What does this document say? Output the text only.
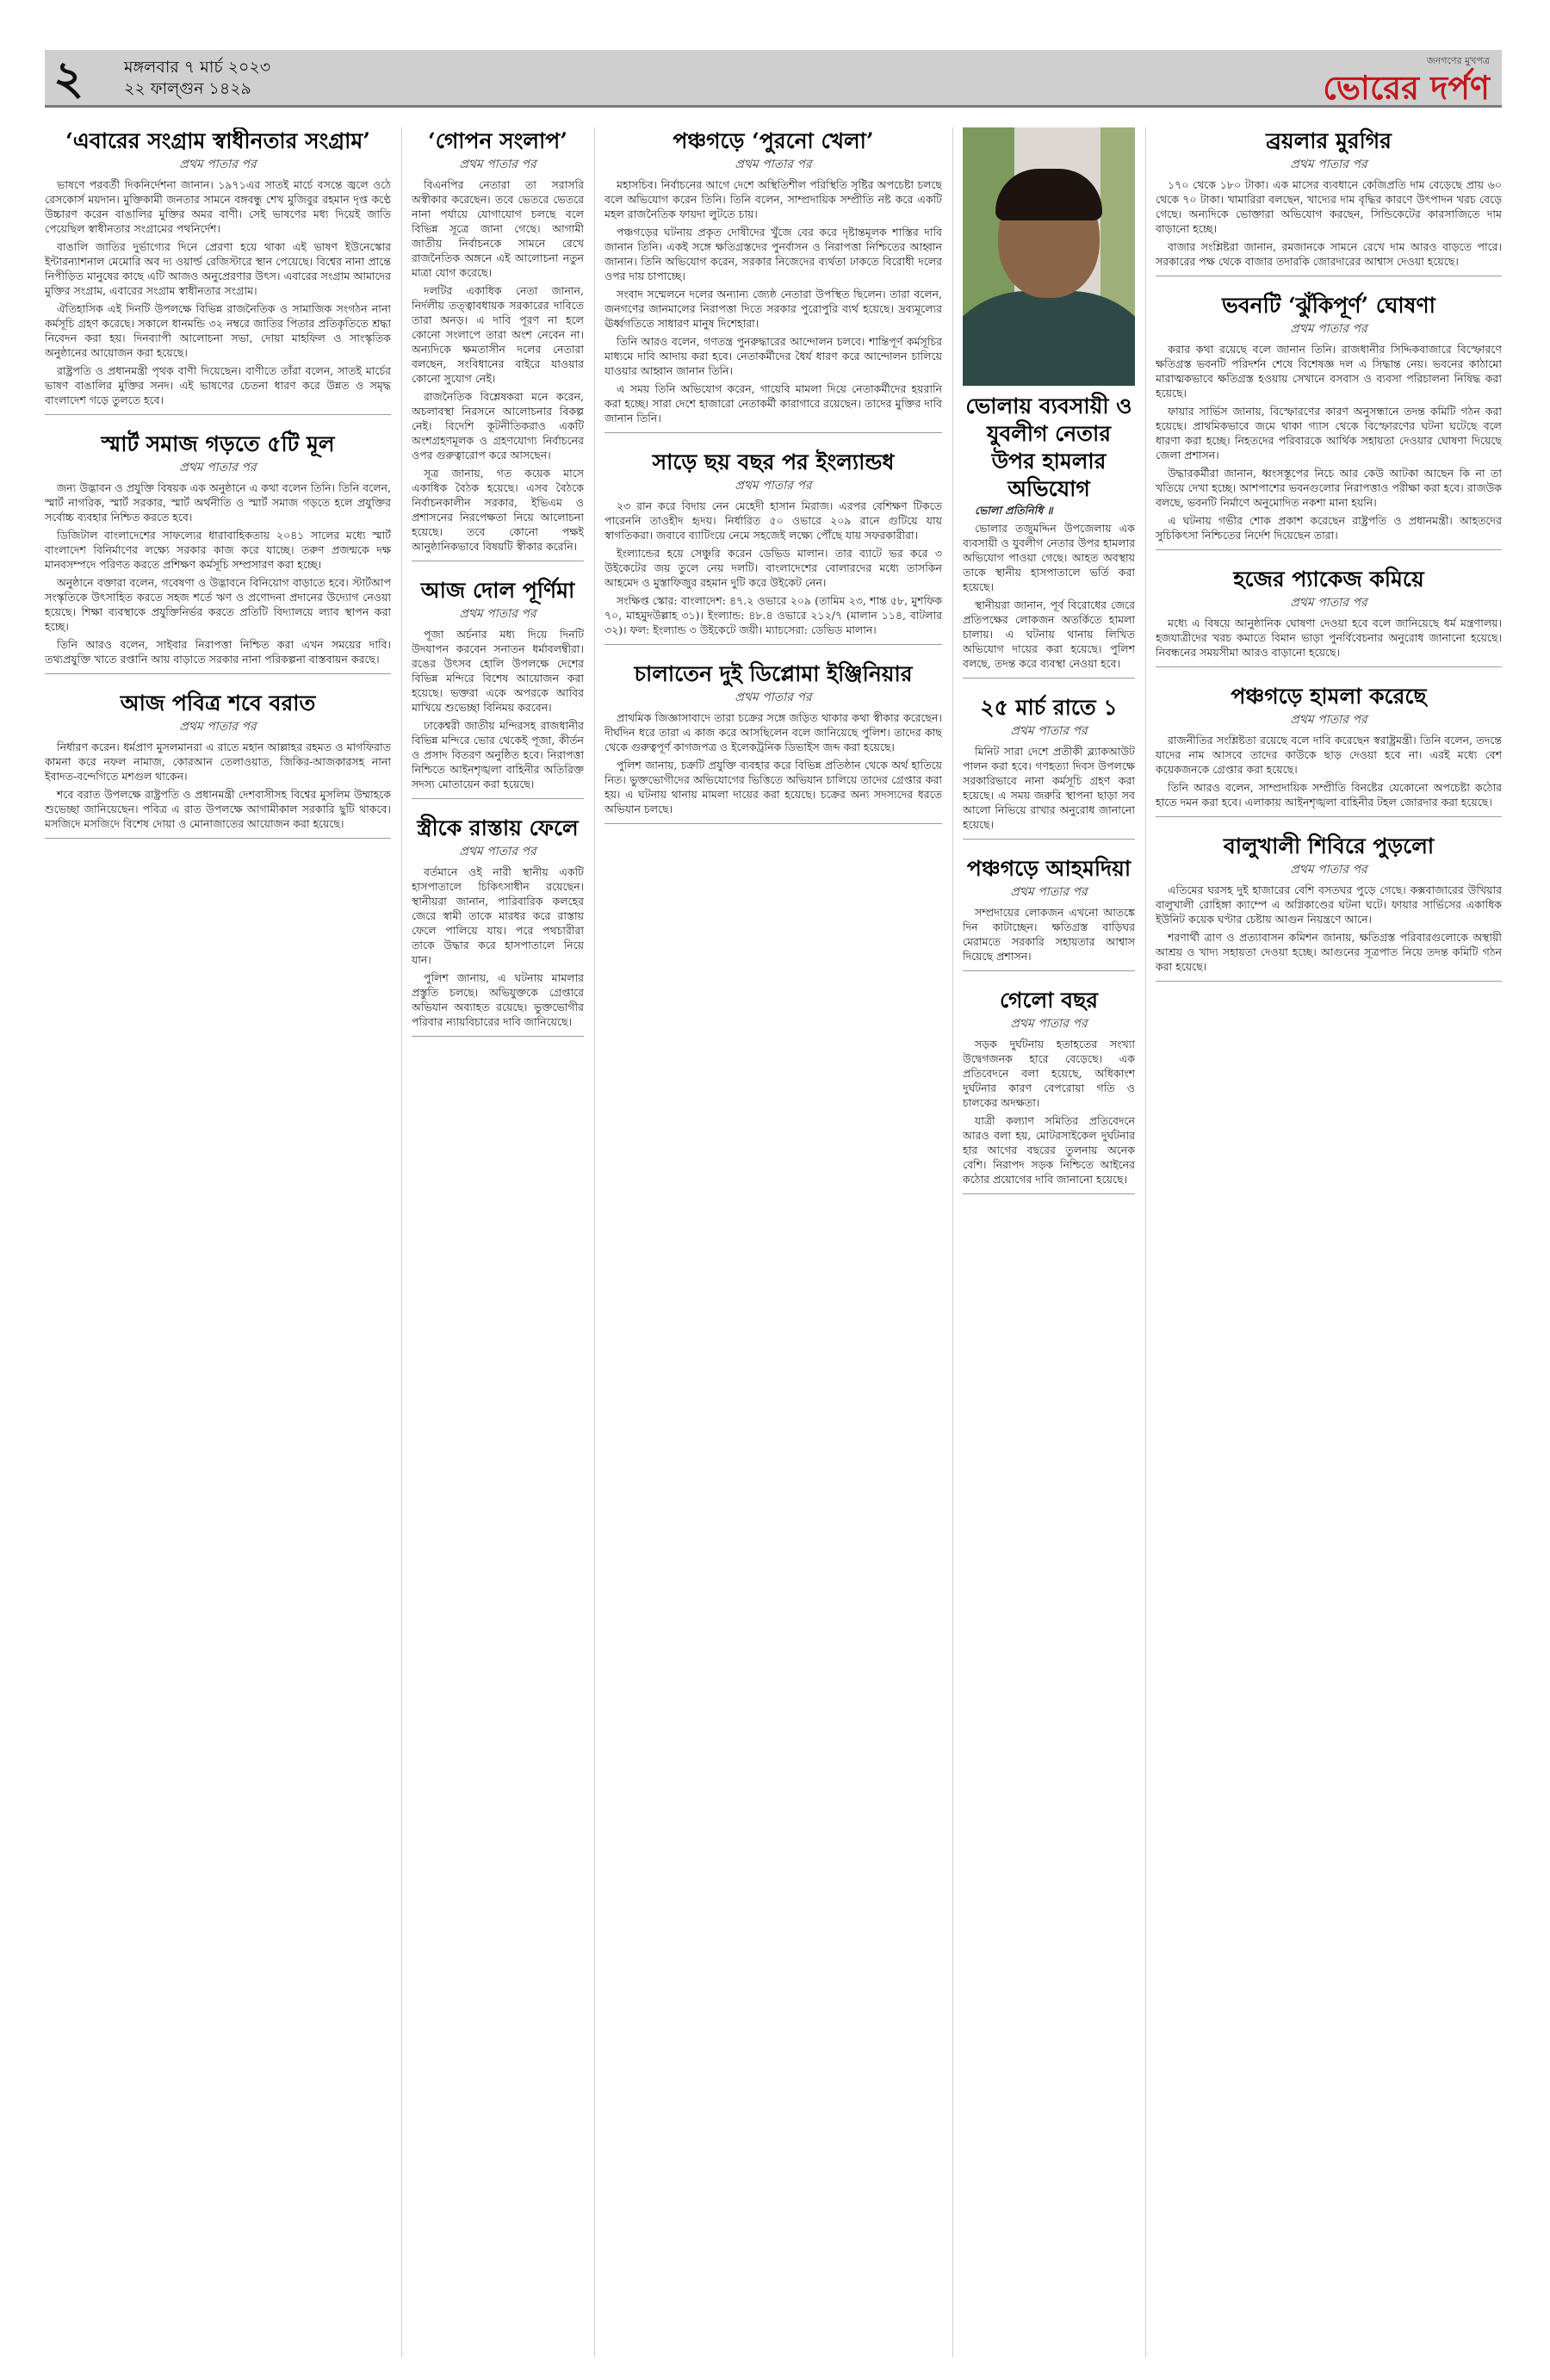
২ মঙ্গলবার ৭ মার্চ ২০২৩
২২ ফাল্গুন ১৪২৯
জনগণের মুখপত্র
ভোরের দর্পণ
‘এবারের সংগ্রাম স্বাধীনতার সংগ্রাম’
প্রথম পাতার পর

ভাষণে পরবর্তী দিকনির্দেশনা জানান। ১৯৭১এর সাতই মার্চে বসন্তে জ্বলে ওঠে রেসকোর্স ময়দান। মুক্তিকামী জনতার সামনে বঙ্গবন্ধু শেখ মুজিবুর রহমান দৃপ্ত কণ্ঠে উচ্চারণ করেন বাঙালির মুক্তির অমর বাণী। সেই ভাষণের মধ্য দিয়েই জাতি পেয়েছিল স্বাধীনতার সংগ্রামের পথনির্দেশ।

বাঙালি জাতির দুর্ভাগ্যের দিনে প্রেরণা হয়ে থাকা এই ভাষণ ইউনেস্কোর ইন্টারন্যাশনাল মেমোরি অব দ্য ওয়ার্ল্ড রেজিস্টারে স্থান পেয়েছে। বিশ্বের নানা প্রান্তে নিপীড়িত মানুষের কাছে এটি আজও অনুপ্রেরণার উৎস। এবারের সংগ্রাম আমাদের মুক্তির সংগ্রাম, এবারের সংগ্রাম স্বাধীনতার সংগ্রাম।

ঐতিহাসিক এই দিনটি উপলক্ষে বিভিন্ন রাজনৈতিক ও সামাজিক সংগঠন নানা কর্মসূচি গ্রহণ করেছে। সকালে ধানমন্ডি ৩২ নম্বরে জাতির পিতার প্রতিকৃতিতে শ্রদ্ধা নিবেদন করা হয়। দিনব্যাপী আলোচনা সভা, দোয়া মাহফিল ও সাংস্কৃতিক অনুষ্ঠানের আয়োজন করা হয়েছে।

রাষ্ট্রপতি ও প্রধানমন্ত্রী পৃথক বাণী দিয়েছেন। বাণীতে তাঁরা বলেন, সাতই মার্চের ভাষণ বাঙালির মুক্তির সনদ। এই ভাষণের চেতনা ধারণ করে উন্নত ও সমৃদ্ধ বাংলাদেশ গড়ে তুলতে হবে।

স্মার্ট সমাজ গড়তে ৫টি মূল
প্রথম পাতার পর

জন্য উদ্ভাবন ও প্রযুক্তি বিষয়ক এক অনুষ্ঠানে এ কথা বলেন তিনি। তিনি বলেন, স্মার্ট নাগরিক, স্মার্ট সরকার, স্মার্ট অর্থনীতি ও স্মার্ট সমাজ গড়তে হলে প্রযুক্তির সর্বোচ্চ ব্যবহার নিশ্চিত করতে হবে।

ডিজিটাল বাংলাদেশের সাফল্যের ধারাবাহিকতায় ২০৪১ সালের মধ্যে স্মার্ট বাংলাদেশ বিনির্মাণের লক্ষ্যে সরকার কাজ করে যাচ্ছে। তরুণ প্রজন্মকে দক্ষ মানবসম্পদে পরিণত করতে প্রশিক্ষণ কর্মসূচি সম্প্রসারণ করা হচ্ছে।

অনুষ্ঠানে বক্তারা বলেন, গবেষণা ও উদ্ভাবনে বিনিয়োগ বাড়াতে হবে। স্টার্টআপ সংস্কৃতিকে উৎসাহিত করতে সহজ শর্তে ঋণ ও প্রণোদনা প্রদানের উদ্যোগ নেওয়া হয়েছে। শিক্ষা ব্যবস্থাকে প্রযুক্তিনির্ভর করতে প্রতিটি বিদ্যালয়ে ল্যাব স্থাপন করা হচ্ছে।

তিনি আরও বলেন, সাইবার নিরাপত্তা নিশ্চিত করা এখন সময়ের দাবি। তথ্যপ্রযুক্তি খাতে রপ্তানি আয় বাড়াতে সরকার নানা পরিকল্পনা বাস্তবায়ন করছে।

আজ পবিত্র শবে বরাত
প্রথম পাতার পর

নির্ধারণ করেন। ধর্মপ্রাণ মুসলমানরা এ রাতে মহান আল্লাহর রহমত ও মাগফিরাত কামনা করে নফল নামাজ, কোরআন তেলাওয়াত, জিকির-আজকারসহ নানা ইবাদত-বন্দেগিতে মশগুল থাকেন।

শবে বরাত উপলক্ষে রাষ্ট্রপতি ও প্রধানমন্ত্রী দেশবাসীসহ বিশ্বের মুসলিম উম্মাহকে শুভেচ্ছা জানিয়েছেন। পবিত্র এ রাত উপলক্ষে আগামীকাল সরকারি ছুটি থাকবে। মসজিদে মসজিদে বিশেষ দোয়া ও মোনাজাতের আয়োজন করা হয়েছে।

‘গোপন সংলাপ’
প্রথম পাতার পর

বিএনপির নেতারা তা সরাসরি অস্বীকার করেছেন। তবে ভেতরে ভেতরে নানা পর্যায়ে যোগাযোগ চলছে বলে বিভিন্ন সূত্রে জানা গেছে। আগামী জাতীয় নির্বাচনকে সামনে রেখে রাজনৈতিক অঙ্গনে এই আলোচনা নতুন মাত্রা যোগ করেছে।

দলটির একাধিক নেতা জানান, নির্দলীয় তত্ত্বাবধায়ক সরকারের দাবিতে তারা অনড়। এ দাবি পূরণ না হলে কোনো সংলাপে তারা অংশ নেবেন না। অন্যদিকে ক্ষমতাসীন দলের নেতারা বলছেন, সংবিধানের বাইরে যাওয়ার কোনো সুযোগ নেই।

রাজনৈতিক বিশ্লেষকরা মনে করেন, অচলাবস্থা নিরসনে আলোচনার বিকল্প নেই। বিদেশি কূটনীতিকরাও একটি অংশগ্রহণমূলক ও গ্রহণযোগ্য নির্বাচনের ওপর গুরুত্বারোপ করে আসছেন।

সূত্র জানায়, গত কয়েক মাসে একাধিক বৈঠক হয়েছে। এসব বৈঠকে নির্বাচনকালীন সরকার, ইভিএম ও প্রশাসনের নিরপেক্ষতা নিয়ে আলোচনা হয়েছে। তবে কোনো পক্ষই আনুষ্ঠানিকভাবে বিষয়টি স্বীকার করেনি।

আজ দোল পূর্ণিমা
প্রথম পাতার পর

পূজা অর্চনার মধ্য দিয়ে দিনটি উদযাপন করবেন সনাতন ধর্মাবলম্বীরা। রঙের উৎসব হোলি উপলক্ষে দেশের বিভিন্ন মন্দিরে বিশেষ আয়োজন করা হয়েছে। ভক্তরা একে অপরকে আবির মাখিয়ে শুভেচ্ছা বিনিময় করবেন।

ঢাকেশ্বরী জাতীয় মন্দিরসহ রাজধানীর বিভিন্ন মন্দিরে ভোর থেকেই পূজা, কীর্তন ও প্রসাদ বিতরণ অনুষ্ঠিত হবে। নিরাপত্তা নিশ্চিতে আইনশৃঙ্খলা বাহিনীর অতিরিক্ত সদস্য মোতায়েন করা হয়েছে।

স্ত্রীকে রাস্তায় ফেলে
প্রথম পাতার পর

বর্তমানে ওই নারী স্থানীয় একটি হাসপাতালে চিকিৎসাধীন রয়েছেন। স্থানীয়রা জানান, পারিবারিক কলহের জেরে স্বামী তাকে মারধর করে রাস্তায় ফেলে পালিয়ে যায়। পরে পথচারীরা তাকে উদ্ধার করে হাসপাতালে নিয়ে যান।

পুলিশ জানায়, এ ঘটনায় মামলার প্রস্তুতি চলছে। অভিযুক্তকে গ্রেপ্তারে অভিযান অব্যাহত রয়েছে। ভুক্তভোগীর পরিবার ন্যায়বিচারের দাবি জানিয়েছে।

পঞ্চগড়ে ‘পুরনো খেলা’
প্রথম পাতার পর

মহাসচিব। নির্বাচনের আগে দেশে অস্থিতিশীল পরিস্থিতি সৃষ্টির অপচেষ্টা চলছে বলে অভিযোগ করেন তিনি। তিনি বলেন, সাম্প্রদায়িক সম্প্রীতি নষ্ট করে একটি মহল রাজনৈতিক ফায়দা লুটতে চায়।

পঞ্চগড়ের ঘটনায় প্রকৃত দোষীদের খুঁজে বের করে দৃষ্টান্তমূলক শাস্তির দাবি জানান তিনি। একই সঙ্গে ক্ষতিগ্রস্তদের পুনর্বাসন ও নিরাপত্তা নিশ্চিতের আহ্বান জানান। তিনি অভিযোগ করেন, সরকার নিজেদের ব্যর্থতা ঢাকতে বিরোধী দলের ওপর দায় চাপাচ্ছে।

সংবাদ সম্মেলনে দলের অন্যান্য জ্যেষ্ঠ নেতারা উপস্থিত ছিলেন। তারা বলেন, জনগণের জানমালের নিরাপত্তা দিতে সরকার পুরোপুরি ব্যর্থ হয়েছে। দ্রব্যমূল্যের ঊর্ধ্বগতিতে সাধারণ মানুষ দিশেহারা।

তিনি আরও বলেন, গণতন্ত্র পুনরুদ্ধারের আন্দোলন চলবে। শান্তিপূর্ণ কর্মসূচির মাধ্যমে দাবি আদায় করা হবে। নেতাকর্মীদের ধৈর্য ধারণ করে আন্দোলন চালিয়ে যাওয়ার আহ্বান জানান তিনি।

এ সময় তিনি অভিযোগ করেন, গায়েবি মামলা দিয়ে নেতাকর্মীদের হয়রানি করা হচ্ছে। সারা দেশে হাজারো নেতাকর্মী কারাগারে রয়েছেন। তাদের মুক্তির দাবি জানান তিনি।

সাড়ে ছয় বছর পর ইংল্যান্ডধ
প্রথম পাতার পর

২৩ রান করে বিদায় নেন মেহেদী হাসান মিরাজ। এরপর বেশিক্ষণ টিকতে পারেননি তাওহীদ হৃদয়। নির্ধারিত ৫০ ওভারে ২০৯ রানে গুটিয়ে যায় স্বাগতিকরা। জবাবে ব্যাটিংয়ে নেমে সহজেই লক্ষ্যে পৌঁছে যায় সফরকারীরা।

ইংল্যান্ডের হয়ে সেঞ্চুরি করেন ডেভিড মালান। তার ব্যাটে ভর করে ৩ উইকেটের জয় তুলে নেয় দলটি। বাংলাদেশের বোলারদের মধ্যে তাসকিন আহমেদ ও মুস্তাফিজুর রহমান দুটি করে উইকেট নেন।

সংক্ষিপ্ত স্কোর: বাংলাদেশ: ৪৭.২ ওভারে ২০৯ (তামিম ২৩, শান্ত ৫৮, মুশফিক ৭০, মাহমুদউল্লাহ ৩১)। ইংল্যান্ড: ৪৮.৪ ওভারে ২১২/৭ (মালান ১১৪, বাটলার ৩২)। ফল: ইংল্যান্ড ৩ উইকেটে জয়ী। ম্যাচসেরা: ডেভিড মালান।

চালাতেন দুই ডিপ্লোমা ইঞ্জিনিয়ার
প্রথম পাতার পর

প্রাথমিক জিজ্ঞাসাবাদে তারা চক্রের সঙ্গে জড়িত থাকার কথা স্বীকার করেছেন। দীর্ঘদিন ধরে তারা এ কাজ করে আসছিলেন বলে জানিয়েছে পুলিশ। তাদের কাছ থেকে গুরুত্বপূর্ণ কাগজপত্র ও ইলেকট্রনিক ডিভাইস জব্দ করা হয়েছে।

পুলিশ জানায়, চক্রটি প্রযুক্তি ব্যবহার করে বিভিন্ন প্রতিষ্ঠান থেকে অর্থ হাতিয়ে নিত। ভুক্তভোগীদের অভিযোগের ভিত্তিতে অভিযান চালিয়ে তাদের গ্রেপ্তার করা হয়। এ ঘটনায় থানায় মামলা দায়ের করা হয়েছে। চক্রের অন্য সদস্যদের ধরতে অভিযান চলছে।

ভোলায় ব্যবসায়ী ও যুবলীগ নেতার উপর হামলার অভিযোগ

ভোলা প্রতিনিধি ॥

ভোলার তজুমদ্দিন উপজেলায় এক ব্যবসায়ী ও যুবলীগ নেতার উপর হামলার অভিযোগ পাওয়া গেছে। আহত অবস্থায় তাকে স্থানীয় হাসপাতালে ভর্তি করা হয়েছে।

স্থানীয়রা জানান, পূর্ব বিরোধের জেরে প্রতিপক্ষের লোকজন অতর্কিতে হামলা চালায়। এ ঘটনায় থানায় লিখিত অভিযোগ দায়ের করা হয়েছে। পুলিশ বলছে, তদন্ত করে ব্যবস্থা নেওয়া হবে।

২৫ মার্চ রাতে ১
প্রথম পাতার পর

মিনিট সারা দেশে প্রতীকী ব্ল্যাকআউট পালন করা হবে। গণহত্যা দিবস উপলক্ষে সরকারিভাবে নানা কর্মসূচি গ্রহণ করা হয়েছে। এ সময় জরুরি স্থাপনা ছাড়া সব আলো নিভিয়ে রাখার অনুরোধ জানানো হয়েছে।

পঞ্চগড়ে আহমদিয়া
প্রথম পাতার পর

সম্প্রদায়ের লোকজন এখনো আতঙ্কে দিন কাটাচ্ছেন। ক্ষতিগ্রস্ত বাড়িঘর মেরামতে সরকারি সহায়তার আশ্বাস দিয়েছে প্রশাসন।

গেলো বছর
প্রথম পাতার পর

সড়ক দুর্ঘটনায় হতাহতের সংখ্যা উদ্বেগজনক হারে বেড়েছে। এক প্রতিবেদনে বলা হয়েছে, অধিকাংশ দুর্ঘটনার কারণ বেপরোয়া গতি ও চালকের অদক্ষতা।

যাত্রী কল্যাণ সমিতির প্রতিবেদনে আরও বলা হয়, মোটরসাইকেল দুর্ঘটনার হার আগের বছরের তুলনায় অনেক বেশি। নিরাপদ সড়ক নিশ্চিতে আইনের কঠোর প্রয়োগের দাবি জানানো হয়েছে।

ব্রয়লার মুরগির
প্রথম পাতার পর

১৭০ থেকে ১৮০ টাকা। এক মাসের ব্যবধানে কেজিপ্রতি দাম বেড়েছে প্রায় ৬০ থেকে ৭০ টাকা। খামারিরা বলছেন, খাদ্যের দাম বৃদ্ধির কারণে উৎপাদন খরচ বেড়ে গেছে। অন্যদিকে ভোক্তারা অভিযোগ করছেন, সিন্ডিকেটের কারসাজিতে দাম বাড়ানো হচ্ছে।

বাজার সংশ্লিষ্টরা জানান, রমজানকে সামনে রেখে দাম আরও বাড়তে পারে। সরকারের পক্ষ থেকে বাজার তদারকি জোরদারের আশ্বাস দেওয়া হয়েছে।

ভবনটি ‘ঝুঁকিপূর্ণ’ ঘোষণা
প্রথম পাতার পর

করার কথা রয়েছে বলে জানান তিনি। রাজধানীর সিদ্দিকবাজারে বিস্ফোরণে ক্ষতিগ্রস্ত ভবনটি পরিদর্শন শেষে বিশেষজ্ঞ দল এ সিদ্ধান্ত নেয়। ভবনের কাঠামো মারাত্মকভাবে ক্ষতিগ্রস্ত হওয়ায় সেখানে বসবাস ও ব্যবসা পরিচালনা নিষিদ্ধ করা হয়েছে।

ফায়ার সার্ভিস জানায়, বিস্ফোরণের কারণ অনুসন্ধানে তদন্ত কমিটি গঠন করা হয়েছে। প্রাথমিকভাবে জমে থাকা গ্যাস থেকে বিস্ফোরণের ঘটনা ঘটেছে বলে ধারণা করা হচ্ছে। নিহতদের পরিবারকে আর্থিক সহায়তা দেওয়ার ঘোষণা দিয়েছে জেলা প্রশাসন।

উদ্ধারকর্মীরা জানান, ধ্বংসস্তূপের নিচে আর কেউ আটকা আছেন কি না তা খতিয়ে দেখা হচ্ছে। আশপাশের ভবনগুলোর নিরাপত্তাও পরীক্ষা করা হবে। রাজউক বলছে, ভবনটি নির্মাণে অনুমোদিত নকশা মানা হয়নি।

এ ঘটনায় গভীর শোক প্রকাশ করেছেন রাষ্ট্রপতি ও প্রধানমন্ত্রী। আহতদের সুচিকিৎসা নিশ্চিতের নির্দেশ দিয়েছেন তারা।

হজের প্যাকেজ কমিয়ে
প্রথম পাতার পর

মধ্যে এ বিষয়ে আনুষ্ঠানিক ঘোষণা দেওয়া হবে বলে জানিয়েছে ধর্ম মন্ত্রণালয়। হজযাত্রীদের খরচ কমাতে বিমান ভাড়া পুনর্বিবেচনার অনুরোধ জানানো হয়েছে। নিবন্ধনের সময়সীমা আরও বাড়ানো হয়েছে।

পঞ্চগড়ে হামলা করেছে
প্রথম পাতার পর

রাজনীতির সংশ্লিষ্টতা রয়েছে বলে দাবি করেছেন স্বরাষ্ট্রমন্ত্রী। তিনি বলেন, তদন্তে যাদের নাম আসবে তাদের কাউকে ছাড় দেওয়া হবে না। এরই মধ্যে বেশ কয়েকজনকে গ্রেপ্তার করা হয়েছে।

তিনি আরও বলেন, সাম্প্রদায়িক সম্প্রীতি বিনষ্টের যেকোনো অপচেষ্টা কঠোর হাতে দমন করা হবে। এলাকায় আইনশৃঙ্খলা বাহিনীর টহল জোরদার করা হয়েছে।

বালুখালী শিবিরে পুড়লো
প্রথম পাতার পর

এতিমের ঘরসহ দুই হাজারের বেশি বসতঘর পুড়ে গেছে। কক্সবাজারের উখিয়ার বালুখালী রোহিঙ্গা ক্যাম্পে এ অগ্নিকাণ্ডের ঘটনা ঘটে। ফায়ার সার্ভিসের একাধিক ইউনিট কয়েক ঘণ্টার চেষ্টায় আগুন নিয়ন্ত্রণে আনে।

শরণার্থী ত্রাণ ও প্রত্যাবাসন কমিশন জানায়, ক্ষতিগ্রস্ত পরিবারগুলোকে অস্থায়ী আশ্রয় ও খাদ্য সহায়তা দেওয়া হচ্ছে। আগুনের সূত্রপাত নিয়ে তদন্ত কমিটি গঠন করা হয়েছে।
